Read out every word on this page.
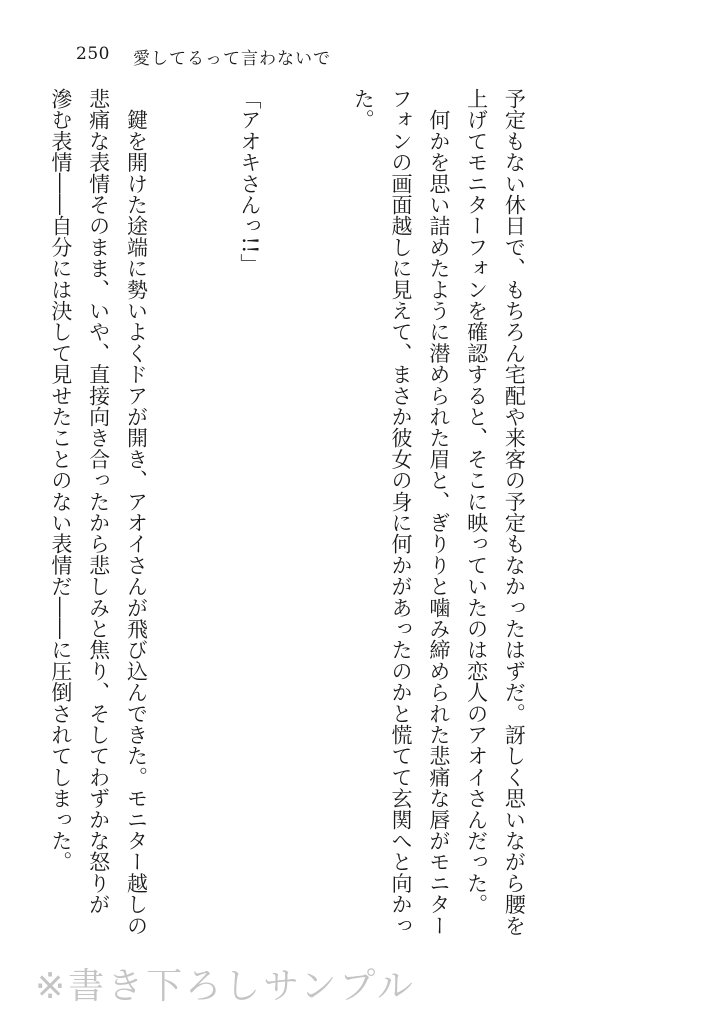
250 愛してるって言わないで

予定もない休日で、もちろん宅配や来客の予定もなかったはずだ。訝しく思いながら腰を
上げてモニターフォンを確認すると、そこに映っていたのは恋人のアオイさんだった。
　何かを思い詰めたように潜められた眉と、ぎりりと噛み締められた悲痛な唇がモニター
フォンの画面越しに見えて、まさか彼女の身に何かがあったのかと慌てて玄関へと向かっ
た。

「アオキさんっ!!」

　鍵を開けた途端に勢いよくドアが開き、アオイさんが飛び込んできた。モニター越しの
悲痛な表情そのまま、いや、直接向き合ったから悲しみと焦り、そしてわずかな怒りが
滲む表情――自分には決して見せたことのない表情だ――に圧倒されてしまった。

※書き下ろしサンプル
